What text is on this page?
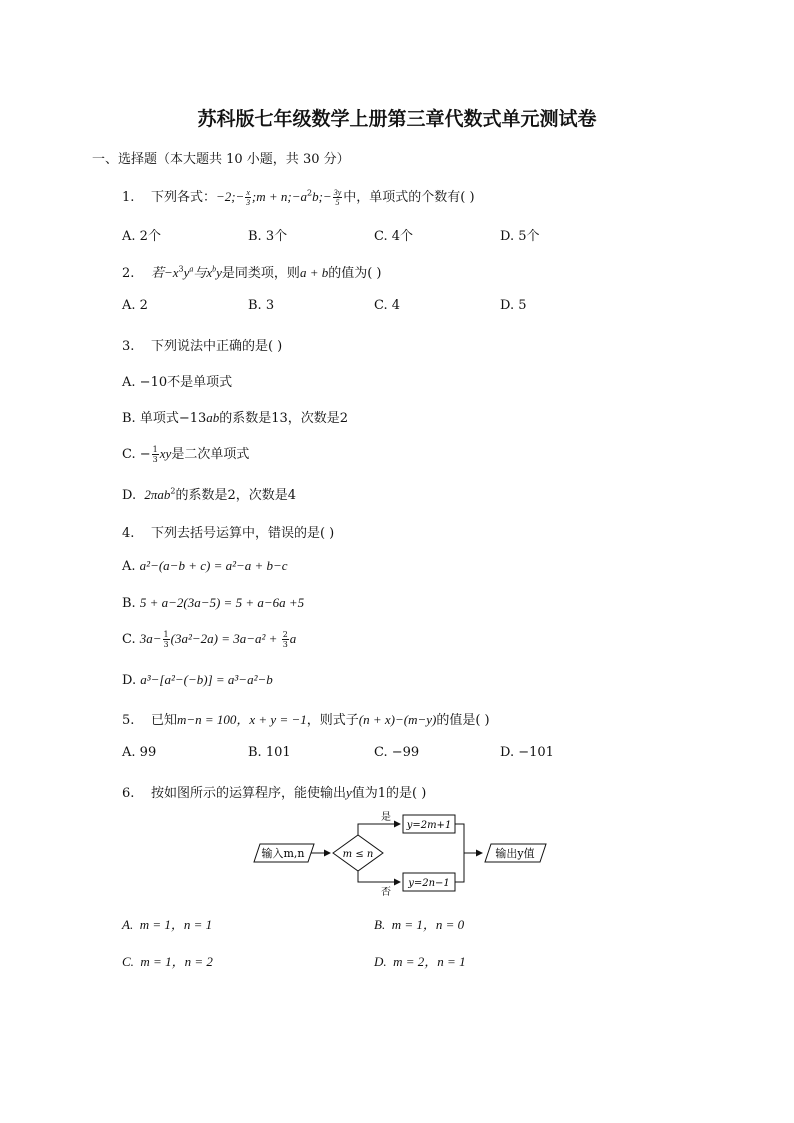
苏科版七年级数学上册第三章代数式单元测试卷
一、选择题（本大题共 10 小题，共 30 分）
1. 下列各式：−2;− $\frac{x}{3}$ ;m + $n;-a^2b;- \frac{3y}{5}$ 中，单项式的个数有( )
A. 2个	B. 3个	C. 4个	D. 5个
2. 若$-x^3y^a$与$x^by$是同类项，则a + b的值为( )
A. 2	B. 3	C. 4	D. 5
3. 下列说法中正确的是( )
A. −10不是单项式
B. 单项式−13ab的系数是13，次数是2
C. − $\frac{1}{3}$ xy是二次单项式
D. 2πab$^2$的系数是2，次数是4
4. 下列去括号运算中，错误的是( )
A. a²−(a−b + c) = a²−a + b−c
B. 5 + a−2(3a−5) = 5 + a−6a +5
C. $3a- \frac{1}{3} (3a^2-2a) = 3a-a^2 + \frac{2}{3}$ a
D. a³−[a²−(−b)] = a³−a²−b
5. 已知m−n = 100，x + y = −1，则式子(n + x)−(m−y)的值是( )
A. 99	B. 101	C. −99	D. −101
6. 按如图所示的运算程序，能使输出y值为1的是( )
输入m,n	m ≤ n
是
否
y=2m+1
y=2n−1
输出y值
A. m = 1，n = 1	B. m = 1，n = 0
C. m = 1，n = 2	D. m = 2，n = 1
